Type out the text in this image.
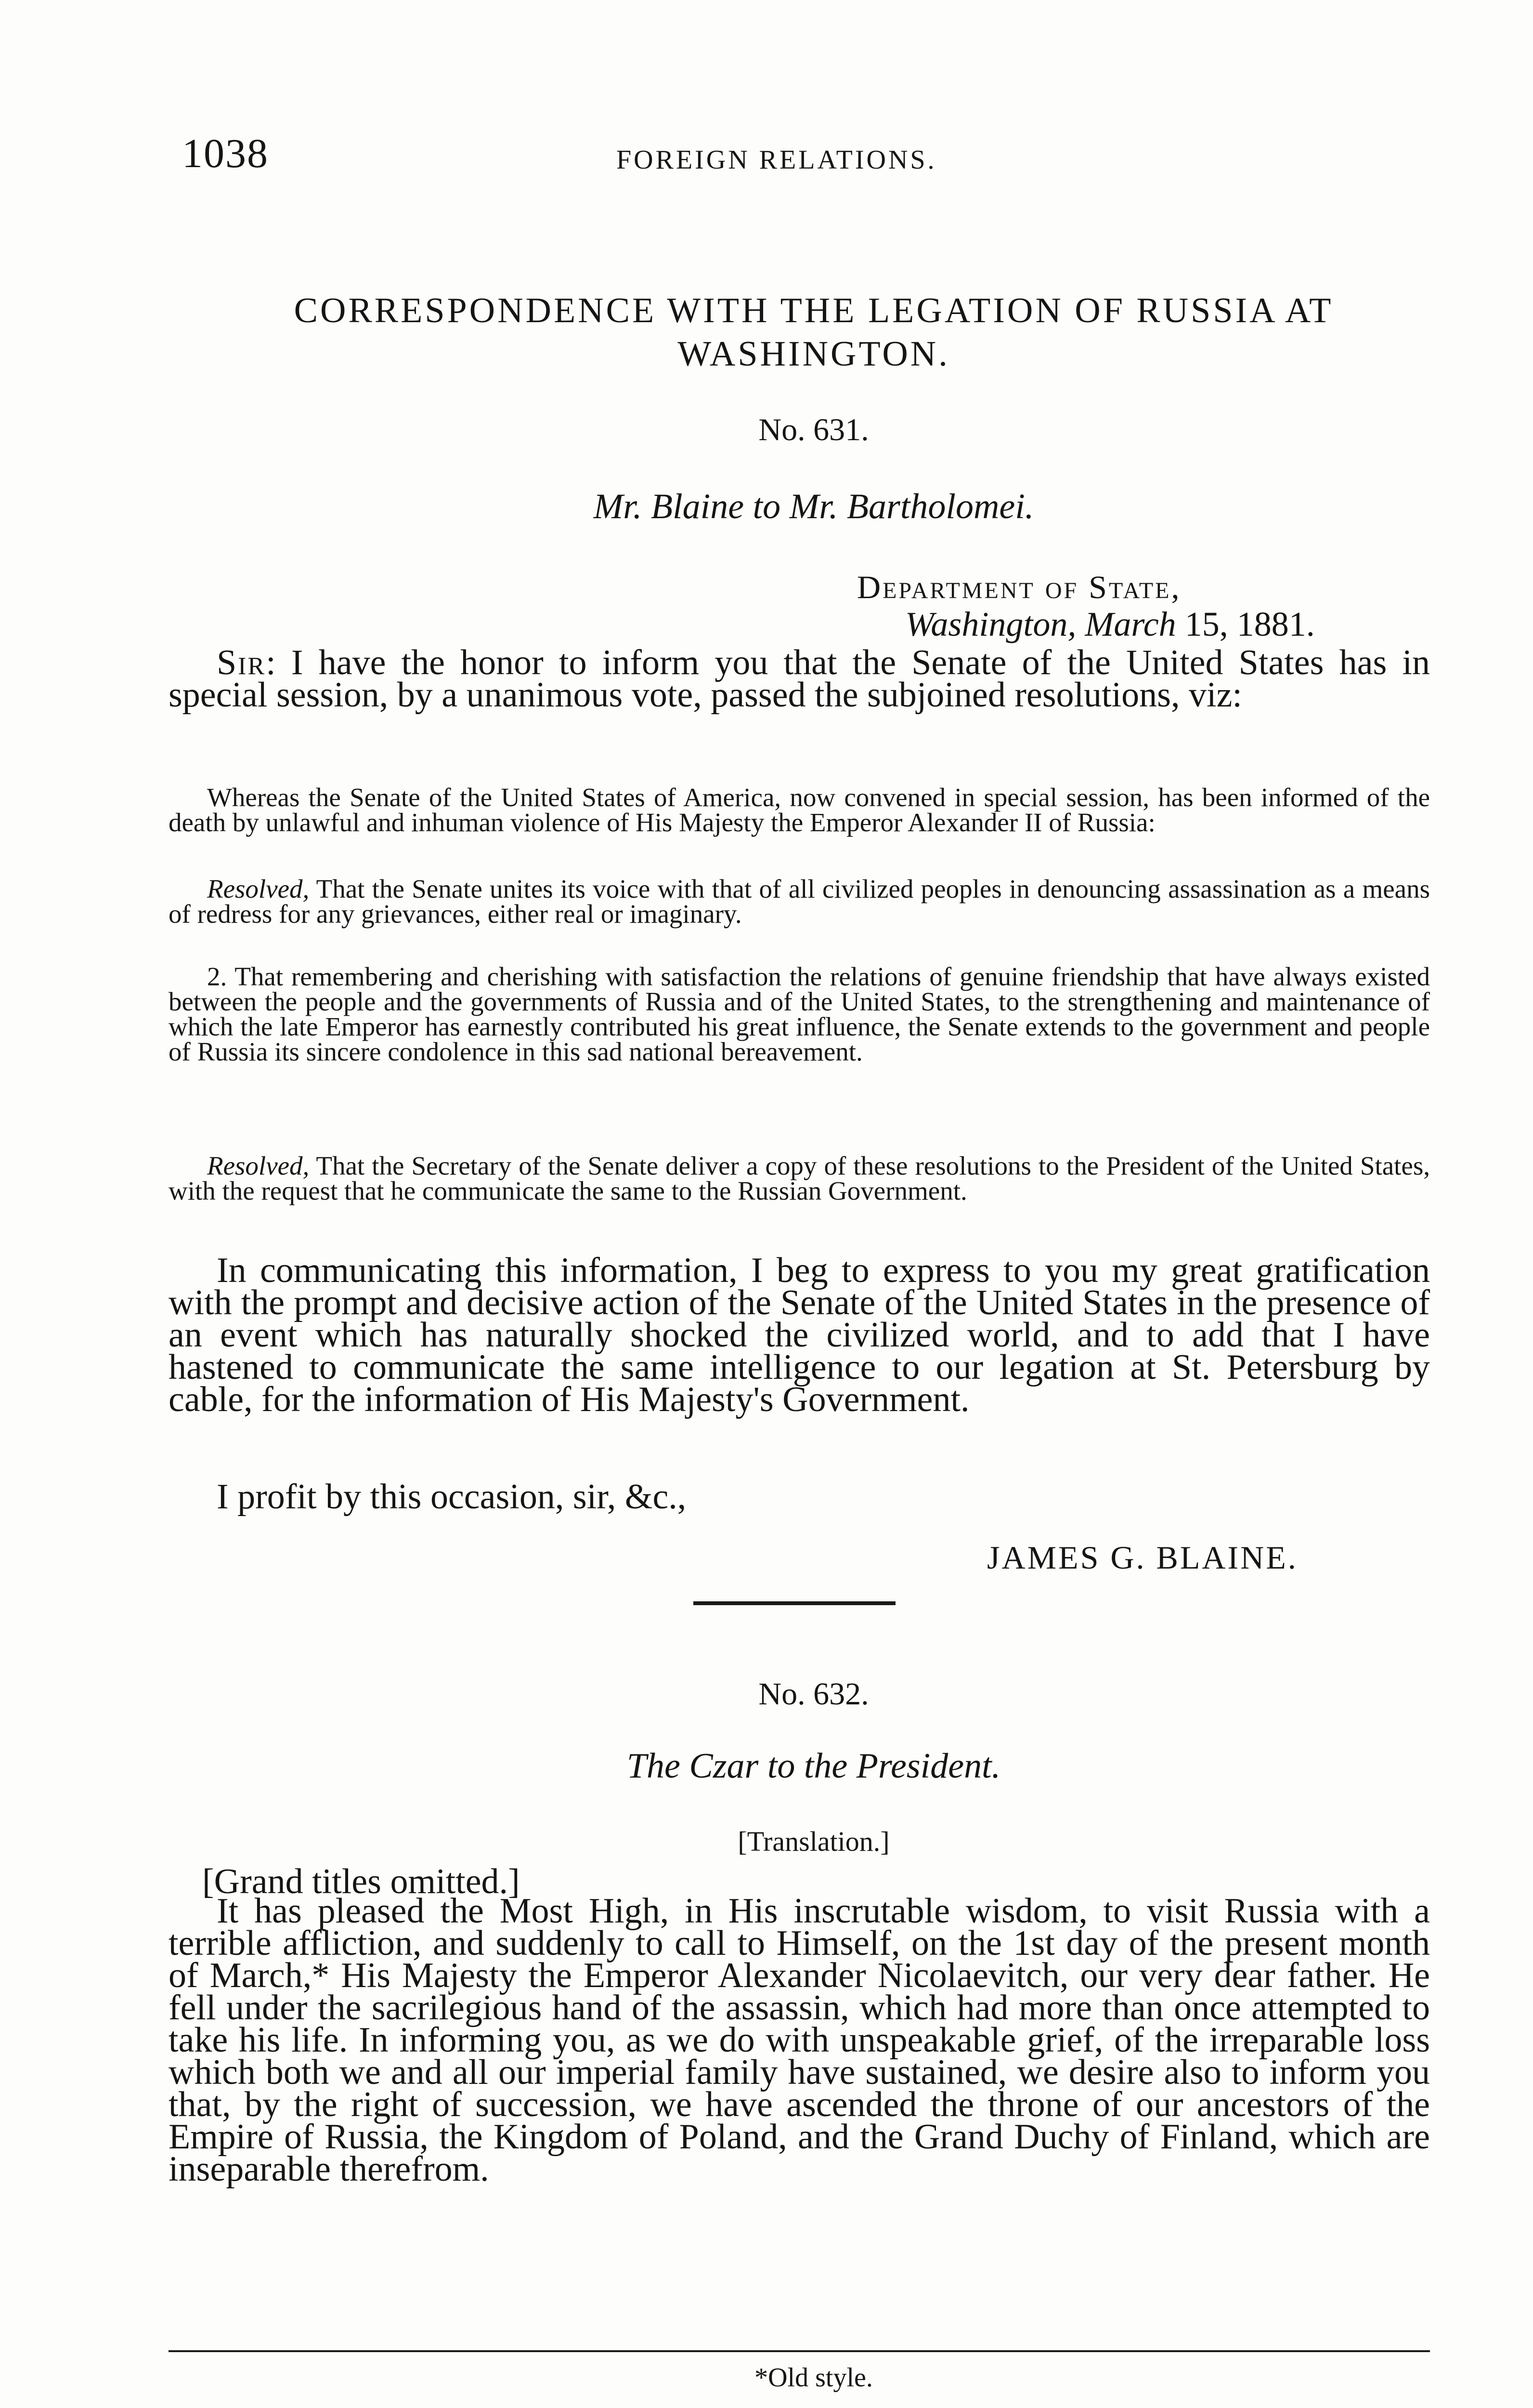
1038	FOREIGN RELATIONS.
CORRESPONDENCE WITH THE LEGATION OF RUSSIA AT WASHINGTON.
No. 631.
Mr. Blaine to Mr. Bartholomei.
Department of State,
Washington, March 15, 1881.

Sir: I have the honor to inform you that the Senate of the United States has in special session, by a unanimous vote, passed the subjoined resolutions, viz:

Whereas the Senate of the United States of America, now convened in special session, has been informed of the death by unlawful and inhuman violence of His Majesty the Emperor Alexander II of Russia:

Resolved, That the Senate unites its voice with that of all civilized peoples in denouncing assassination as a means of redress for any grievances, either real or imaginary.

2. That remembering and cherishing with satisfaction the relations of genuine friendship that have always existed between the people and the governments of Russia and of the United States, to the strengthening and maintenance of which the late Emperor has earnestly contributed his great influence, the Senate extends to the government and people of Russia its sincere condolence in this sad national bereavement.

Resolved, That the Secretary of the Senate deliver a copy of these resolutions to the President of the United States, with the request that he communicate the same to the Russian Government.

In communicating this information, I beg to express to you my great gratification with the prompt and decisive action of the Senate of the United States in the presence of an event which has naturally shocked the civilized world, and to add that I have hastened to communicate the same intelligence to our legation at St. Petersburg by cable, for the information of His Majesty's Government.

I profit by this occasion, sir, &c.,

JAMES G. BLAINE.
No. 632.
The Czar to the President.
[Translation.]
[Grand titles omitted.]

It has pleased the Most High, in His inscrutable wisdom, to visit Russia with a terrible affliction, and suddenly to call to Himself, on the 1st day of the present month of March,* His Majesty the Emperor Alexander Nicolaevitch, our very dear father. He fell under the sacrilegious hand of the assassin, which had more than once attempted to take his life. In informing you, as we do with unspeakable grief, of the irreparable loss which both we and all our imperial family have sustained, we desire also to inform you that, by the right of succession, we have ascended the throne of our ancestors of the Empire of Russia, the Kingdom of Poland, and the Grand Duchy of Finland, which are inseparable therefrom.

*Old style.
